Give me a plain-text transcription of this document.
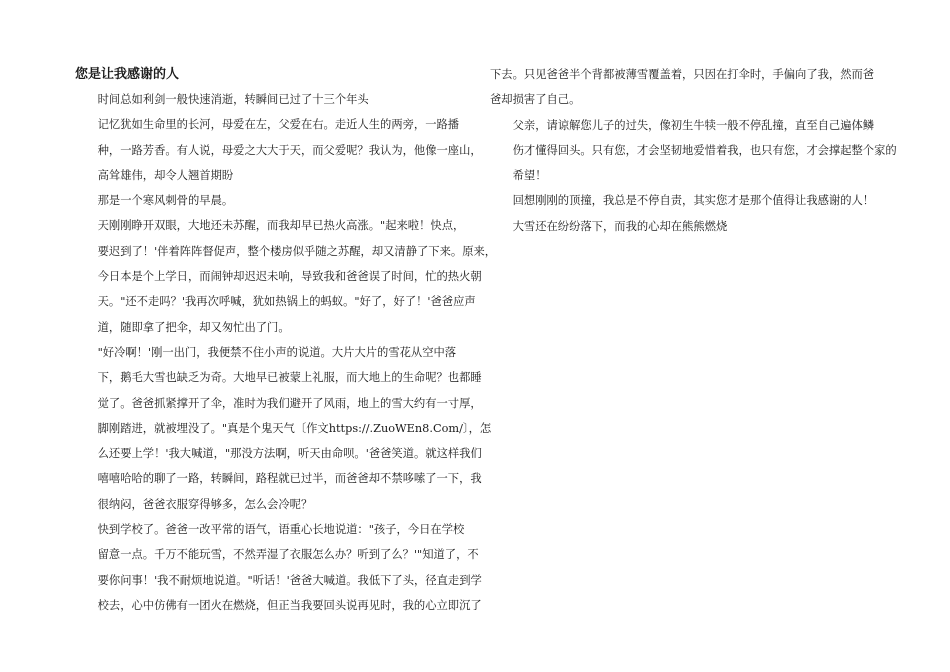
您是让我感谢的人
时间总如利剑一般快速消逝，转瞬间已过了十三个年头
记忆犹如生命里的长河，母爱在左，父爱在右。走近人生的两旁，一路播
种，一路芳香。有人说，母爱之大大于天，而父爱呢？我认为，他像一座山，
高耸雄伟，却令人翘首期盼
那是一个寒风刺骨的早晨。
天刚刚睁开双眼，大地还未苏醒，而我却早已热火高涨。"起来啦！快点，
要迟到了！'伴着阵阵督促声，整个楼房似乎随之苏醒，却又清静了下来。原来，
今日本是个上学日，而闹钟却迟迟未响，导致我和爸爸误了时间，忙的热火朝
天。"还不走吗？'我再次呼喊，犹如热锅上的蚂蚁。"好了，好了！'爸爸应声
道，随即拿了把伞，却又匆忙出了门。
"好冷啊！'刚一出门，我便禁不住小声的说道。大片大片的雪花从空中落
下，鹅毛大雪也缺乏为奇。大地早已被蒙上礼服，而大地上的生命呢？也都睡
觉了。爸爸抓紧撑开了伞，准时为我们避开了风雨，地上的雪大约有一寸厚，
脚刚踏进，就被埋没了。"真是个鬼天气〔作文https://.ZuoWEn8.Com/〕，怎
么还要上学！'我大喊道，"那没方法啊，听天由命呗。'爸爸笑道。就这样我们
嘻嘻哈哈的聊了一路，转瞬间，路程就已过半，而爸爸却不禁哆嗦了一下，我
很纳闷，爸爸衣服穿得够多，怎么会冷呢？
快到学校了。爸爸一改平常的语气，语重心长地说道："孩子，今日在学校
留意一点。千万不能玩雪，不然弄湿了衣服怎么办？听到了么？'"知道了，不
要你问事！'我不耐烦地说道。"听话！'爸爸大喊道。我低下了头，径直走到学
校去，心中仿佛有一团火在燃烧，但正当我要回头说再见时，我的心立即沉了
下去。只见爸爸半个背都被薄雪覆盖着，只因在打伞时，手偏向了我，然而爸
爸却损害了自己。
父亲，请谅解您儿子的过失，像初生牛犊一般不停乱撞，直至自己遍体鳞
伤才懂得回头。只有您，才会坚韧地爱惜着我，也只有您，才会撑起整个家的
希望！
回想刚刚的顶撞，我总是不停自责，其实您才是那个值得让我感谢的人！
大雪还在纷纷落下，而我的心却在熊熊燃烧
